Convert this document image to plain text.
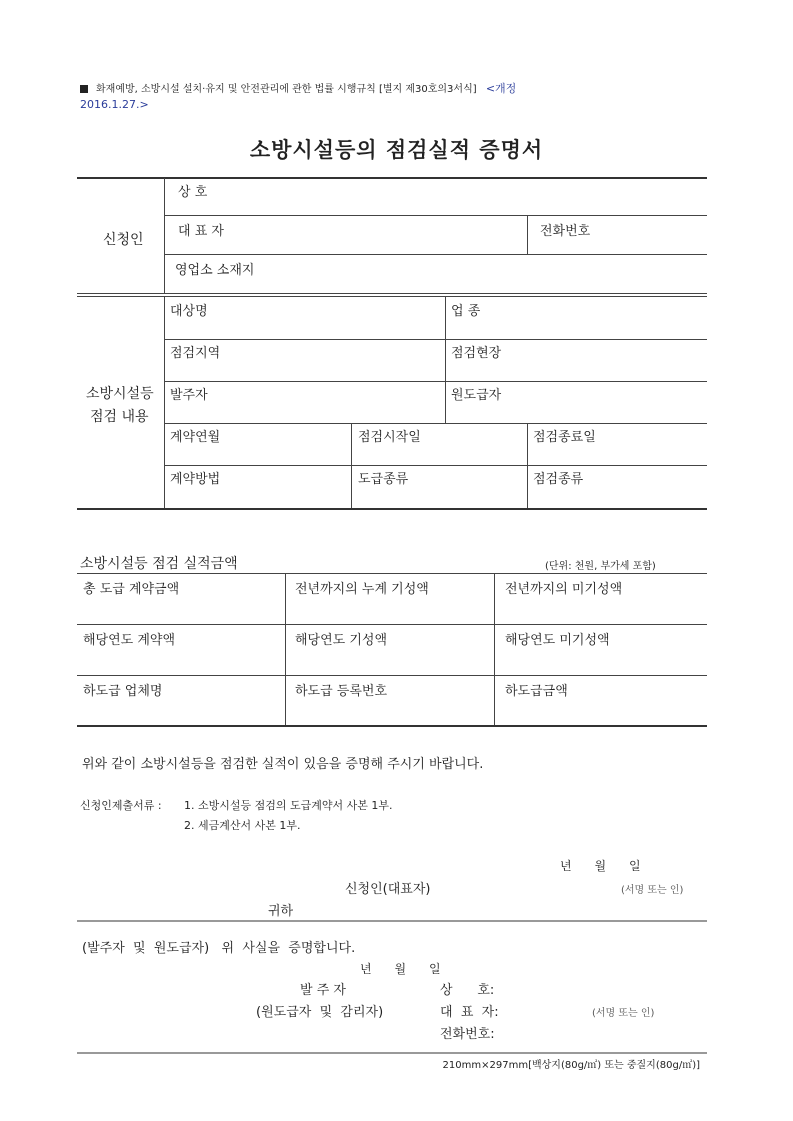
화재예방, 소방시설 설치·유지 및 안전관리에 관한 법률 시행규칙 [별지 제30호의3서식] <개정
2016.1.27.>
소방시설등의 점검실적 증명서
신청인
상 호
대 표 자	전화번호
영업소 소재지
소방시설등
점검 내용
대상명	업 종
점검지역	점검현장
발주자	원도급자
계약연월	점검시작일	점검종료일
계약방법	도급종류	점검종류
소방시설등 점검 실적금액	(단위: 천원, 부가세 포함)
총 도급 계약금액	전년까지의 누계 기성액	전년까지의 미기성액
해당연도 계약액	해당연도 기성액	해당연도 미기성액
하도급 업체명	하도급 등록번호	하도급금액
위와 같이 소방시설등을 점검한 실적이 있음을 증명해 주시기 바랍니다.
신청인제출서류 : 1. 소방시설등 점검의 도급계약서 사본 1부.
2. 세금계산서 사본 1부.
년      월      일
신청인(대표자)	(서명 또는 인)
귀하
(발주자  및  원도급자)   위  사실을  증명합니다.
년      월      일
발 주 자
(원도급자  및  감리자)
상      호:
대  표  자:
전화번호:
(서명 또는 인)
210mm×297mm[백상지(80g/㎡) 또는 중질지(80g/㎡)]
